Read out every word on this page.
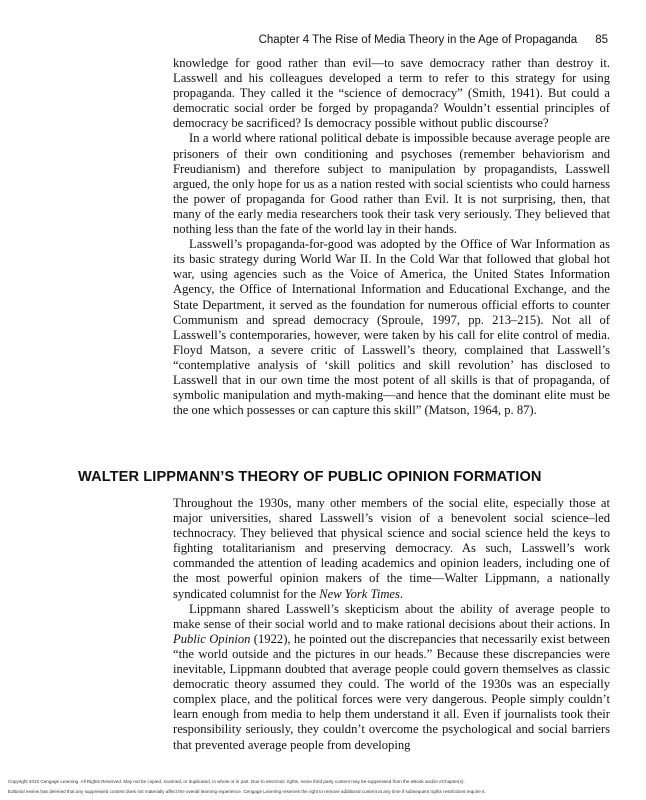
Chapter 4 The Rise of Media Theory in the Age of Propaganda 85

knowledge for good rather than evil—to save democracy rather than destroy it. Lasswell and his colleagues developed a term to refer to this strategy for using propaganda. They called it the “science of democracy” (Smith, 1941). But could a democratic social order be forged by propaganda? Wouldn’t essential principles of democracy be sacrificed? Is democracy possible without public discourse?

In a world where rational political debate is impossible because average people are prisoners of their own conditioning and psychoses (remember behaviorism and Freudianism) and therefore subject to manipulation by propagandists, Lasswell argued, the only hope for us as a nation rested with social scientists who could harness the power of propaganda for Good rather than Evil. It is not surprising, then, that many of the early media researchers took their task very seriously. They believed that nothing less than the fate of the world lay in their hands.

Lasswell’s propaganda-for-good was adopted by the Office of War Information as its basic strategy during World War II. In the Cold War that followed that global hot war, using agencies such as the Voice of America, the United States Information Agency, the Office of International Information and Educational Exchange, and the State Department, it served as the foundation for numerous official efforts to counter Communism and spread democracy (Sproule, 1997, pp. 213–215). Not all of Lasswell’s contemporaries, however, were taken by his call for elite control of media. Floyd Matson, a severe critic of Lasswell’s theory, complained that Lasswell’s “contemplative analysis of ‘skill politics and skill revolution’ has disclosed to Lasswell that in our own time the most potent of all skills is that of propaganda, of symbolic manipulation and myth-making—and hence that the dominant elite must be the one which possesses or can capture this skill” (Matson, 1964, p. 87).

WALTER LIPPMANN’S THEORY OF PUBLIC OPINION FORMATION

Throughout the 1930s, many other members of the social elite, especially those at major universities, shared Lasswell’s vision of a benevolent social science–led technocracy. They believed that physical science and social science held the keys to fighting totalitarianism and preserving democracy. As such, Lasswell’s work commanded the attention of leading academics and opinion leaders, including one of the most powerful opinion makers of the time—Walter Lippmann, a nationally syndicated columnist for the New York Times.

Lippmann shared Lasswell’s skepticism about the ability of average people to make sense of their social world and to make rational decisions about their actions. In Public Opinion (1922), he pointed out the discrepancies that necessarily exist between “the world outside and the pictures in our heads.” Because these discrepancies were inevitable, Lippmann doubted that average people could govern themselves as classic democratic theory assumed they could. The world of the 1930s was an especially complex place, and the political forces were very dangerous. People simply couldn’t learn enough from media to help them understand it all. Even if journalists took their responsibility seriously, they couldn’t overcome the psychological and social barriers that prevented average people from developing

Copyright 2010 Cengage Learning. All Rights Reserved. May not be copied, scanned, or duplicated, in whole or in part. Due to electronic rights, some third party content may be suppressed from the eBook and/or eChapter(s).
Editorial review has deemed that any suppressed content does not materially affect the overall learning experience. Cengage Learning reserves the right to remove additional content at any time if subsequent rights restrictions require it.
